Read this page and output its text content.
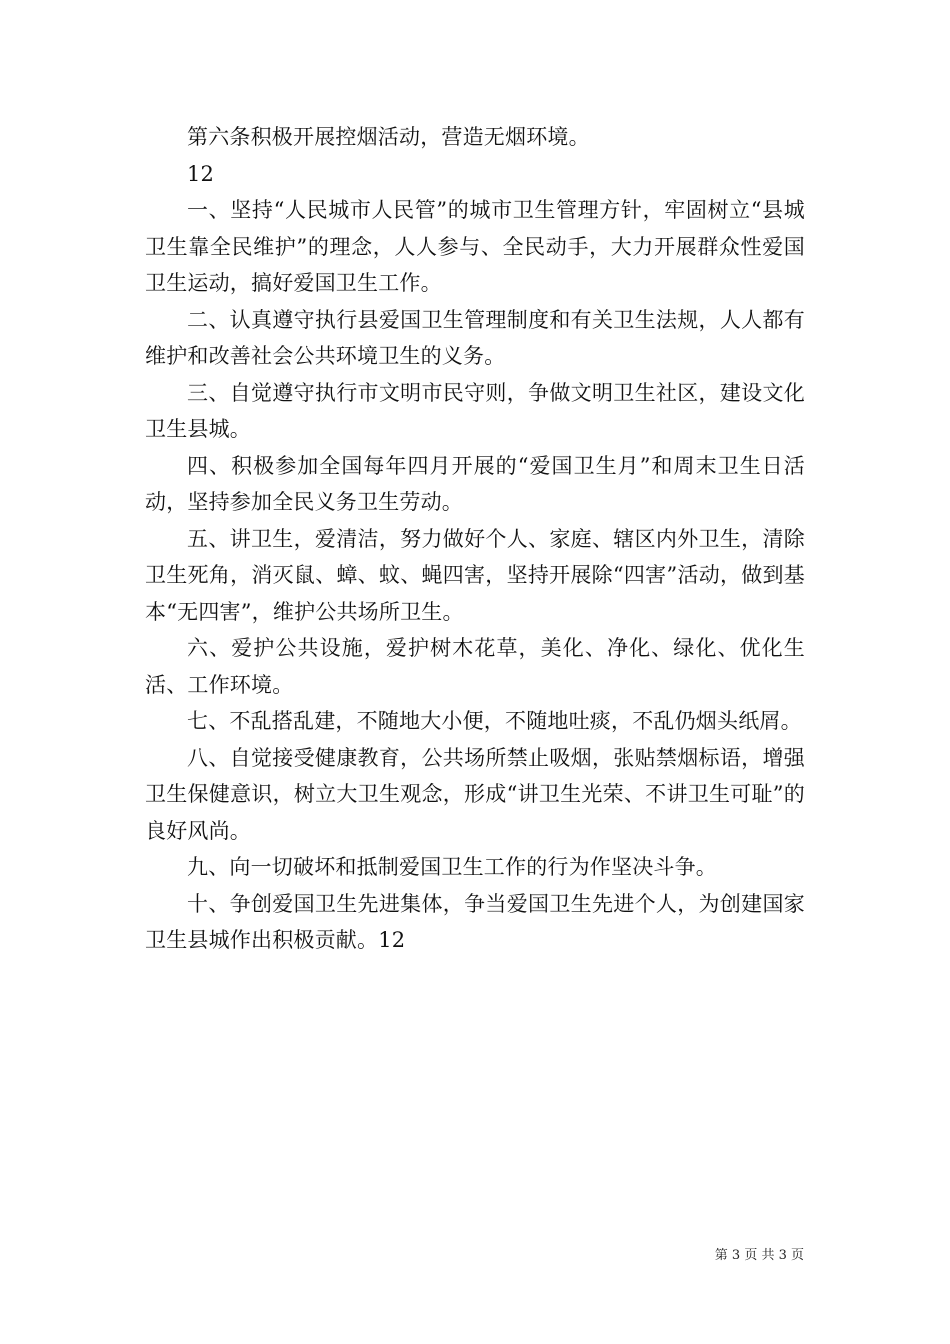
第六条积极开展控烟活动，营造无烟环境。

12

一、坚持“人民城市人民管”的城市卫生管理方针，牢固树立“县城卫生靠全民维护”的理念，人人参与、全民动手，大力开展群众性爱国卫生运动，搞好爱国卫生工作。

二、认真遵守执行县爱国卫生管理制度和有关卫生法规，人人都有维护和改善社会公共环境卫生的义务。

三、自觉遵守执行市文明市民守则，争做文明卫生社区，建设文化卫生县城。

四、积极参加全国每年四月开展的“爱国卫生月”和周末卫生日活动，坚持参加全民义务卫生劳动。

五、讲卫生，爱清洁，努力做好个人、家庭、辖区内外卫生，清除卫生死角，消灭鼠、蟑、蚊、蝇四害，坚持开展除“四害”活动，做到基本“无四害”，维护公共场所卫生。

六、爱护公共设施，爱护树木花草，美化、净化、绿化、优化生活、工作环境。

七、不乱搭乱建，不随地大小便，不随地吐痰，不乱仍烟头纸屑。

八、自觉接受健康教育，公共场所禁止吸烟，张贴禁烟标语，增强卫生保健意识，树立大卫生观念，形成“讲卫生光荣、不讲卫生可耻”的良好风尚。

九、向一切破坏和抵制爱国卫生工作的行为作坚决斗争。

十、争创爱国卫生先进集体，争当爱国卫生先进个人，为创建国家卫生县城作出积极贡献。12

第 3 页 共 3 页
